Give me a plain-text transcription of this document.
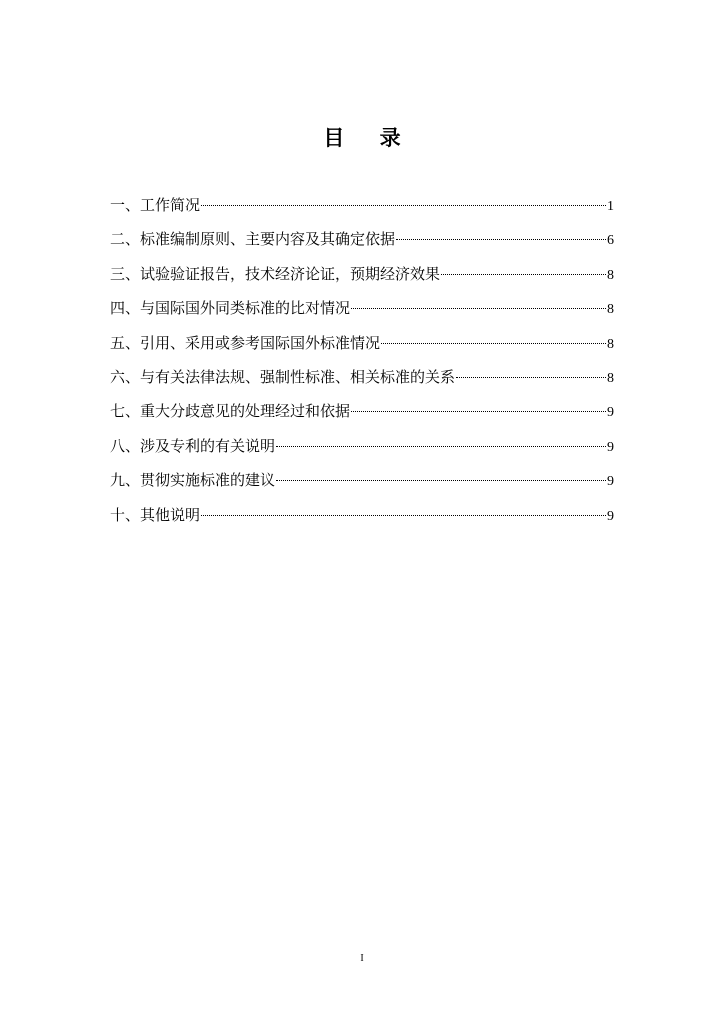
目 录
一、工作简况	1
二、标准编制原则、主要内容及其确定依据	6
三、试验验证报告，技术经济论证，预期经济效果	8
四、与国际国外同类标准的比对情况	8
五、引用、采用或参考国际国外标准情况	8
六、与有关法律法规、强制性标准、相关标准的关系	8
七、重大分歧意见的处理经过和依据	9
八、涉及专利的有关说明	9
九、贯彻实施标准的建议	9
十、其他说明	9
I
